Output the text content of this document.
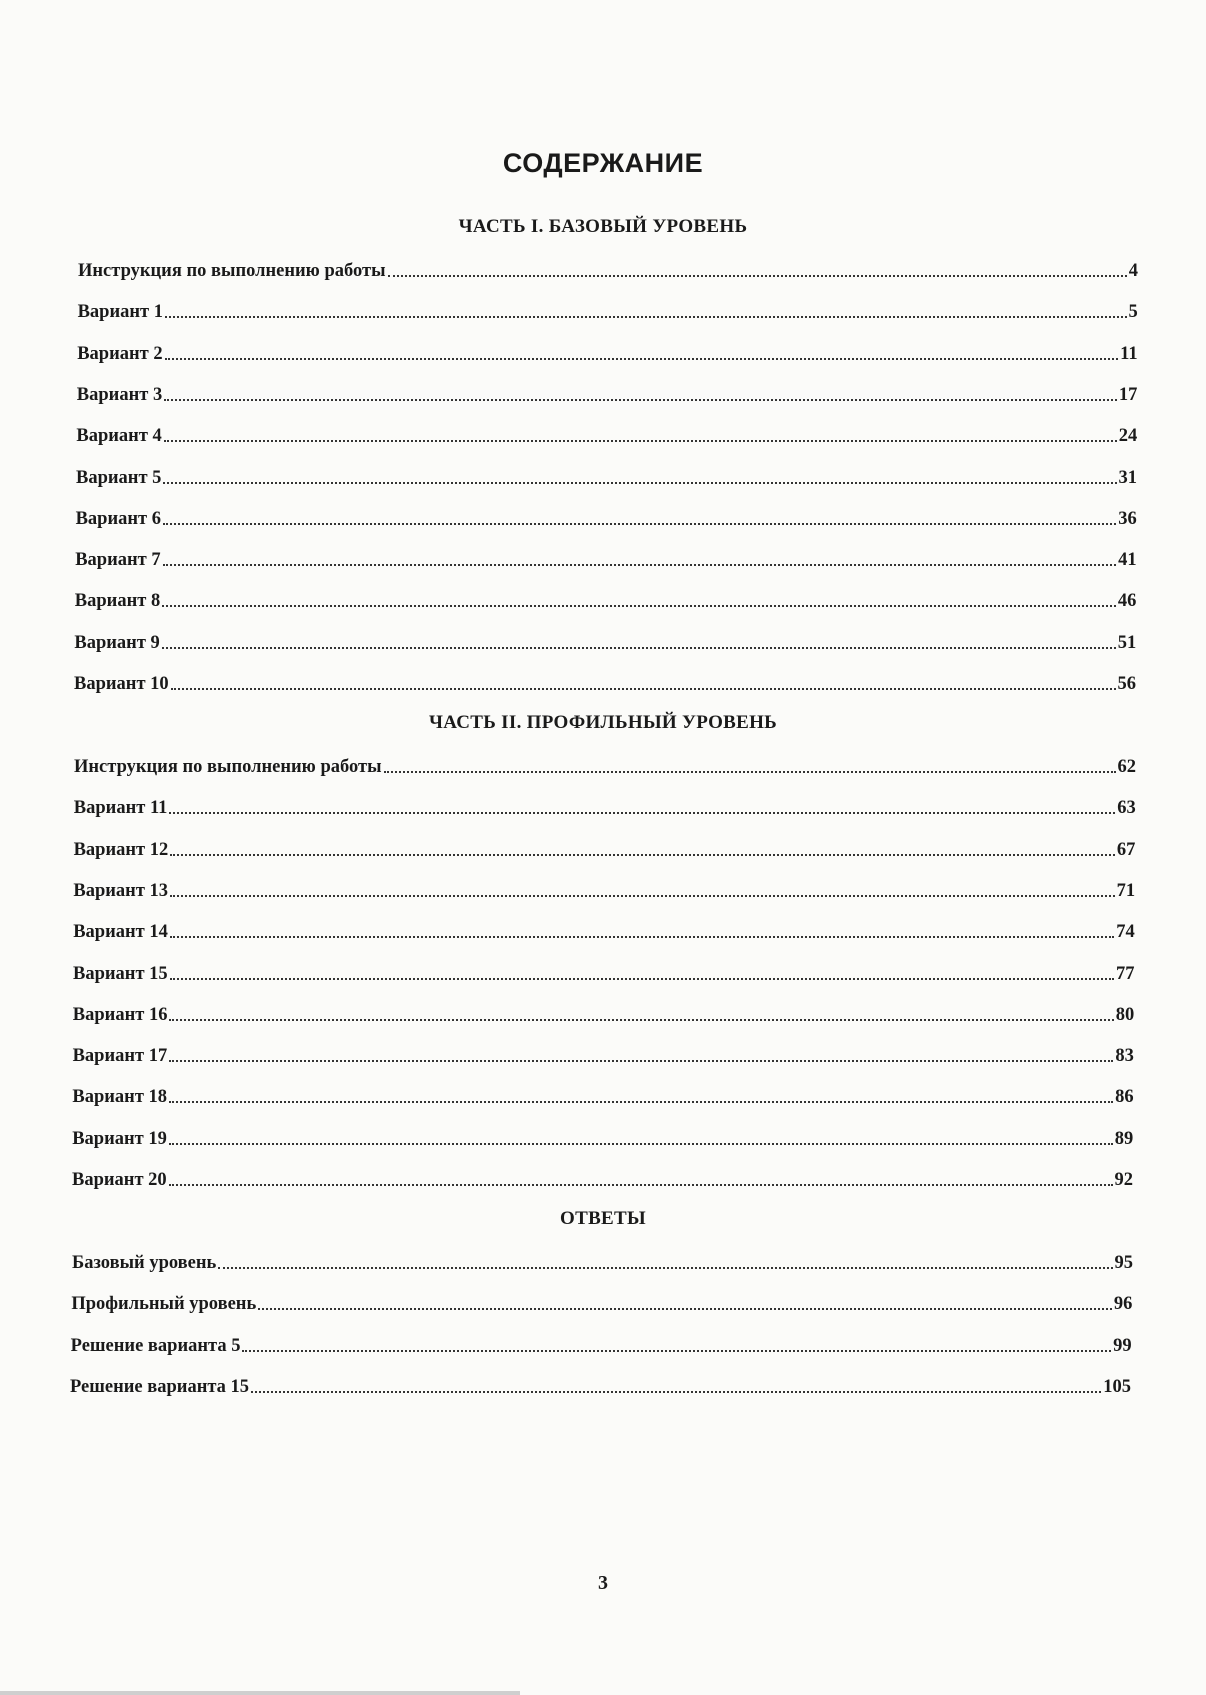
СОДЕРЖАНИЕ
ЧАСТЬ I. БАЗОВЫЙ УРОВЕНЬ
Инструкция по выполнению работы	4
Вариант 1	5
Вариант 2	11
Вариант 3	17
Вариант 4	24
Вариант 5	31
Вариант 6	36
Вариант 7	41
Вариант 8	46
Вариант 9	51
Вариант 10	56
ЧАСТЬ II. ПРОФИЛЬНЫЙ УРОВЕНЬ
Инструкция по выполнению работы	62
Вариант 11	63
Вариант 12	67
Вариант 13	71
Вариант 14	74
Вариант 15	77
Вариант 16	80
Вариант 17	83
Вариант 18	86
Вариант 19	89
Вариант 20	92
ОТВЕТЫ
Базовый уровень	95
Профильный уровень	96
Решение варианта 5	99
Решение варианта 15	105
3
